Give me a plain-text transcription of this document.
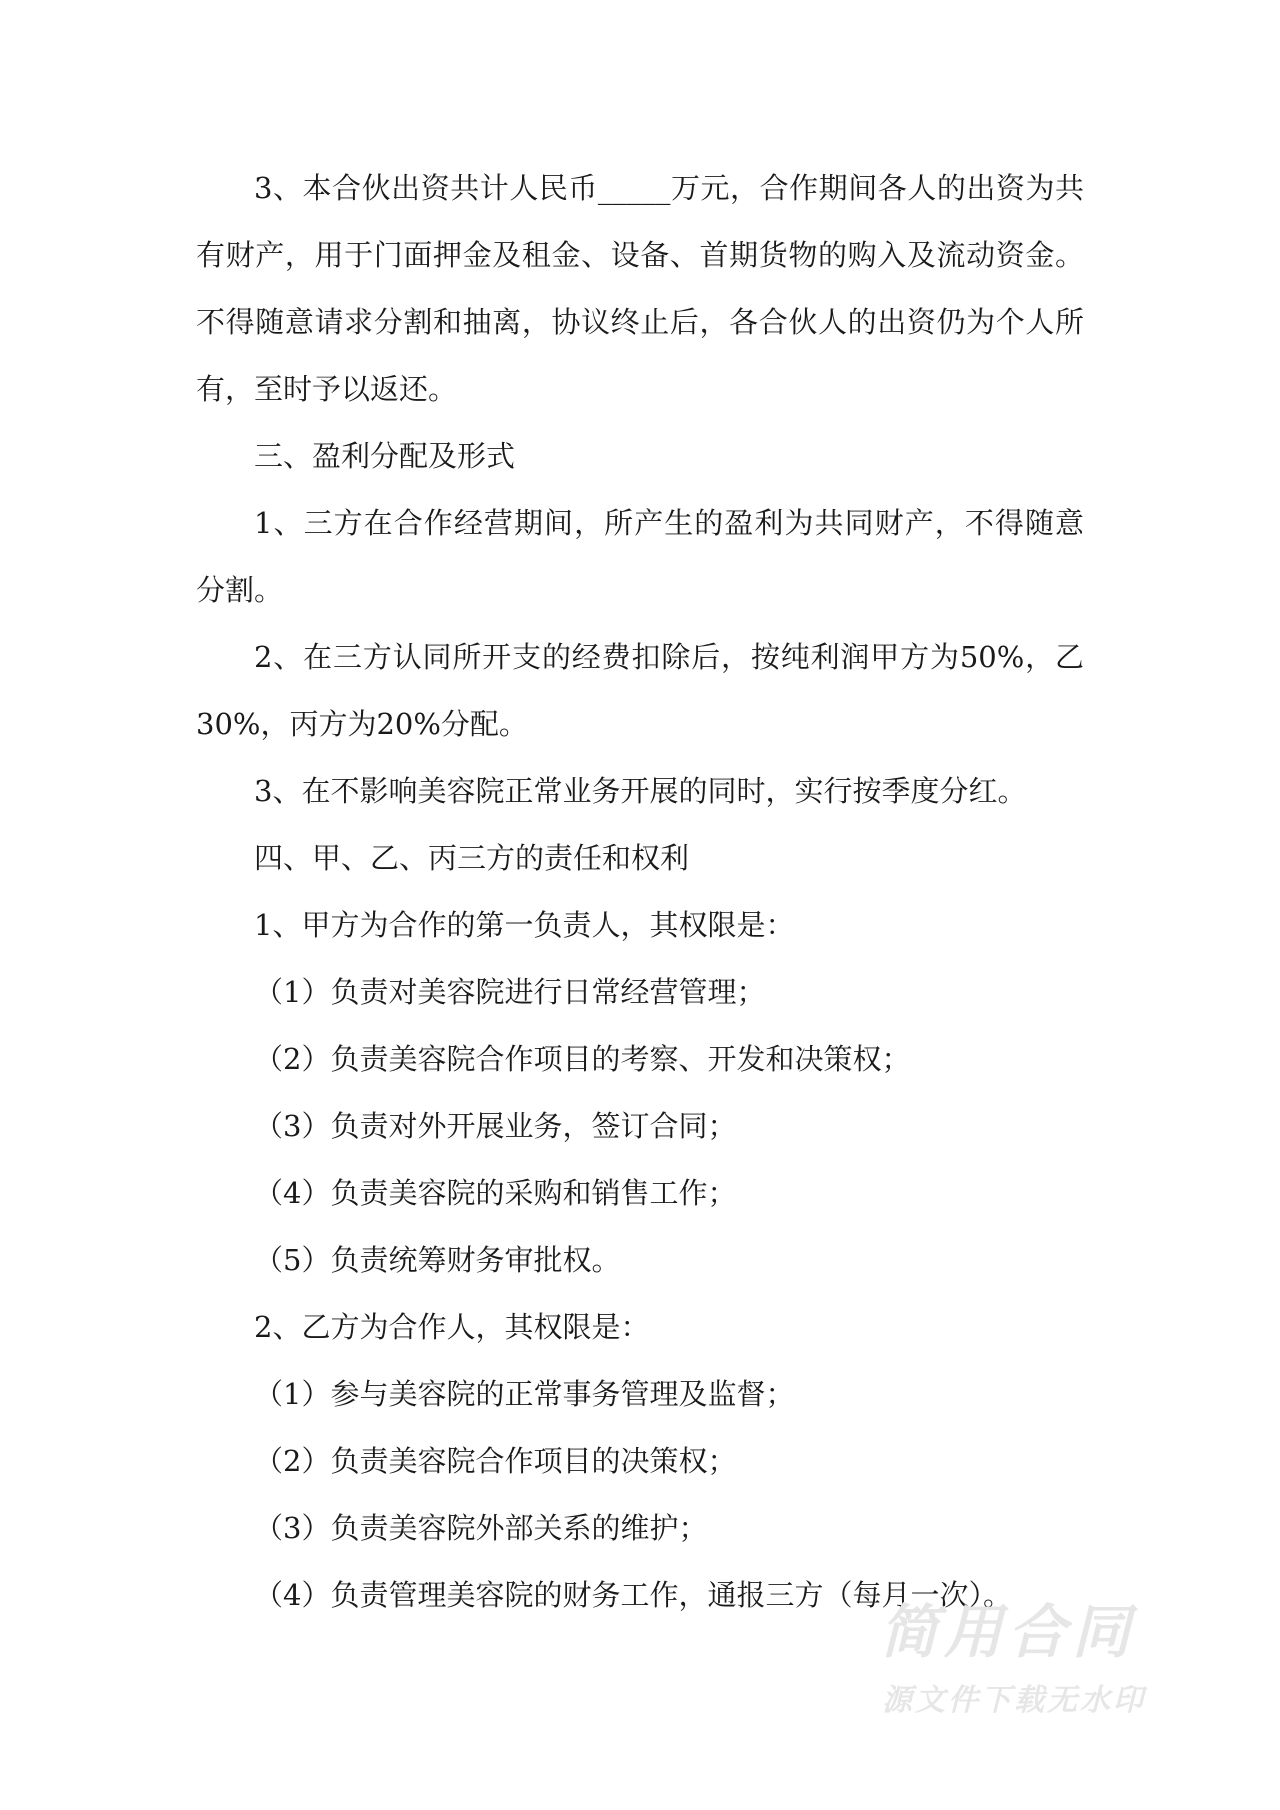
3、本合伙出资共计人民币_____万元，合作期间各人的出资为共
有财产，用于门面押金及租金、设备、首期货物的购入及流动资金。
不得随意请求分割和抽离，协议终止后，各合伙人的出资仍为个人所
有，至时予以返还。
三、盈利分配及形式
1、三方在合作经营期间，所产生的盈利为共同财产，不得随意
分割。
2、在三方认同所开支的经费扣除后，按纯利润甲方为50%，乙
30%，丙方为20%分配。
3、在不影响美容院正常业务开展的同时，实行按季度分红。
四、甲、乙、丙三方的责任和权利
1、甲方为合作的第一负责人，其权限是：
（1）负责对美容院进行日常经营管理；
（2）负责美容院合作项目的考察、开发和决策权；
（3）负责对外开展业务，签订合同；
（4）负责美容院的采购和销售工作；
（5）负责统筹财务审批权。
2、乙方为合作人，其权限是：
（1）参与美容院的正常事务管理及监督；
（2）负责美容院合作项目的决策权；
（3）负责美容院外部关系的维护；
（4）负责管理美容院的财务工作，通报三方（每月一次）。
简用合同
源文件下载无水印
